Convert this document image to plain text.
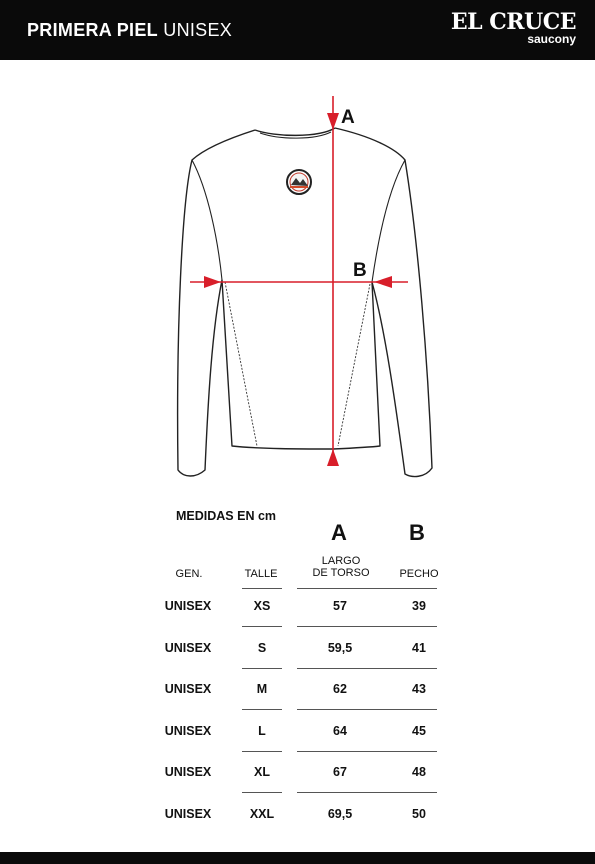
PRIMERA PIEL UNISEX	EL CRUCE
saucony
A
B
MEDIDAS EN cm
A	B
GEN.	TALLE
LARGO
DE TORSO	PECHO
UNISEX	XS	57	39
UNISEX	S	59,5	41
UNISEX	M	62	43
UNISEX	L	64	45
UNISEX	XL	67	48
UNISEX	XXL	69,5	50
